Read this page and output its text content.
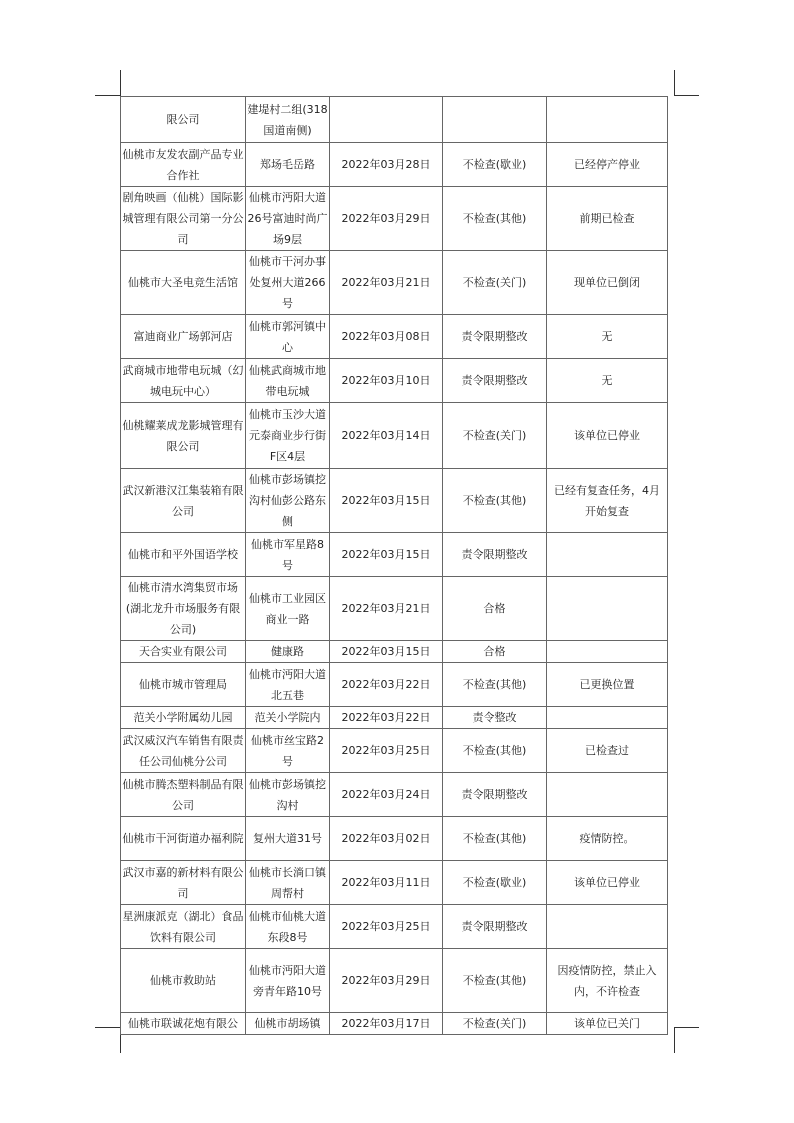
限公司	建堤村二组(318国道南侧)			
仙桃市友发农副产品专业合作社	郑场毛岳路	2022年03月28日	不检查(歇业)	已经停产停业
剧角映画（仙桃）国际影城管理有限公司第一分公司	仙桃市沔阳大道26号富迪时尚广场9层	2022年03月29日	不检查(其他)	前期已检查
仙桃市大圣电竞生活馆	仙桃市干河办事处复州大道266号	2022年03月21日	不检查(关门)	现单位已倒闭
富迪商业广场郭河店	仙桃市郭河镇中心	2022年03月08日	责令限期整改	无
武商城市地带电玩城（幻城电玩中心）	仙桃武商城市地带电玩城	2022年03月10日	责令限期整改	无
仙桃耀莱成龙影城管理有限公司	仙桃市玉沙大道元泰商业步行街F区4层	2022年03月14日	不检查(关门)	该单位已停业
武汉新港汉江集装箱有限公司	仙桃市彭场镇挖沟村仙彭公路东侧	2022年03月15日	不检查(其他)	已经有复查任务，4月开始复查
仙桃市和平外国语学校	仙桃市军星路8号	2022年03月15日	责令限期整改	
仙桃市清水湾集贸市场(湖北龙升市场服务有限公司)	仙桃市工业园区商业一路	2022年03月21日	合格	
天合实业有限公司	健康路	2022年03月15日	合格	
仙桃市城市管理局	仙桃市沔阳大道北五巷	2022年03月22日	不检查(其他)	已更换位置
范关小学附属幼儿园	范关小学院内	2022年03月22日	责令整改	
武汉威汉汽车销售有限责任公司仙桃分公司	仙桃市丝宝路2号	2022年03月25日	不检查(其他)	已检查过
仙桃市腾杰塑料制品有限公司	仙桃市彭场镇挖沟村	2022年03月24日	责令限期整改	
仙桃市干河街道办福利院	复州大道31号	2022年03月02日	不检查(其他)	疫情防控。
武汉市嘉的新材料有限公司	仙桃市长淌口镇周帮村	2022年03月11日	不检查(歇业)	该单位已停业
星洲康派克（湖北）食品饮料有限公司	仙桃市仙桃大道东段8号	2022年03月25日	责令限期整改	
仙桃市救助站	仙桃市沔阳大道旁青年路10号	2022年03月29日	不检查(其他)	因疫情防控，禁止入内，不许检查
仙桃市联诚花炮有限公	仙桃市胡场镇	2022年03月17日	不检查(关门)	该单位已关门
